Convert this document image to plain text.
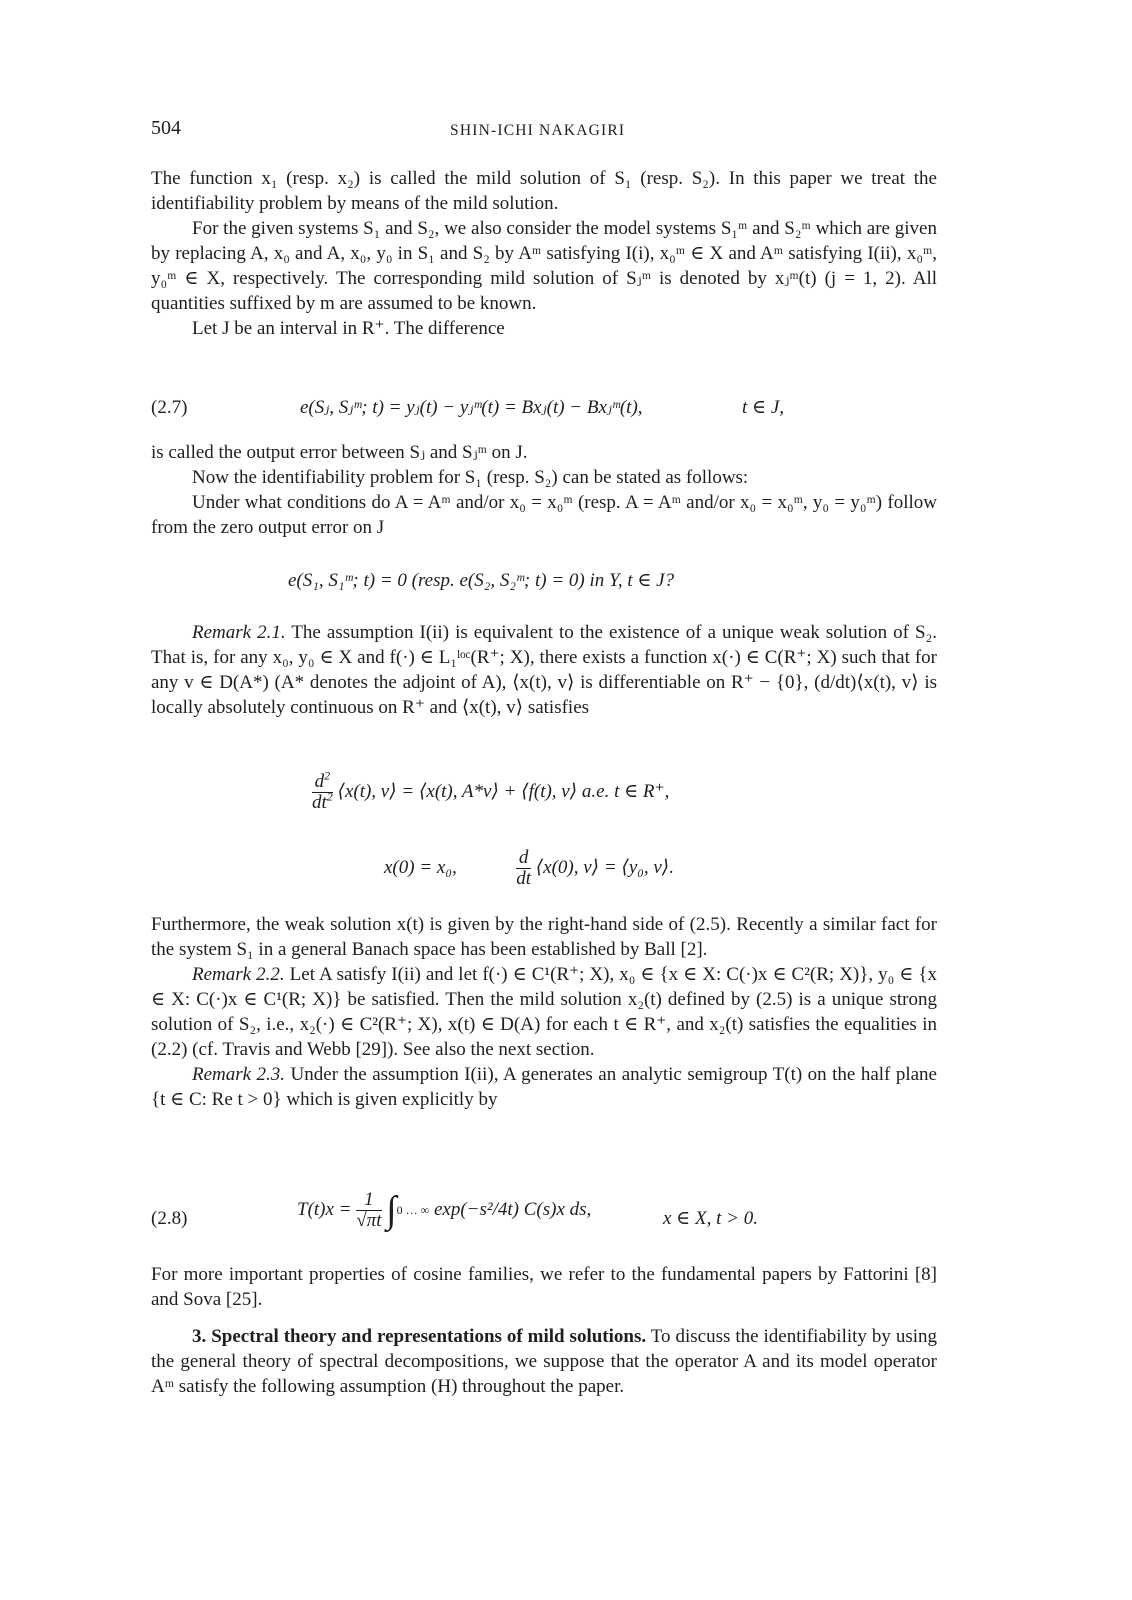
504	SHIN-ICHI NAKAGIRI

The function x₁ (resp. x₂) is called the mild solution of S₁ (resp. S₂). In this paper we treat the identifiability problem by means of the mild solution.

For the given systems S₁ and S₂, we also consider the model systems S₁ᵐ and S₂ᵐ which are given by replacing A, x₀ and A, x₀, y₀ in S₁ and S₂ by Aᵐ satisfying I(i), x₀ᵐ ∈ X and Aᵐ satisfying I(ii), x₀ᵐ, y₀ᵐ ∈ X, respectively. The corresponding mild solution of Sⱼᵐ is denoted by xⱼᵐ(t) (j = 1, 2). All quantities suffixed by m are assumed to be known.

Let J be an interval in R⁺. The difference

(2.7)	e(Sⱼ, Sⱼᵐ; t) = yⱼ(t) − yⱼᵐ(t) = Bxⱼ(t) − Bxⱼᵐ(t),	t ∈ J,

is called the output error between Sⱼ and Sⱼᵐ on J.

Now the identifiability problem for S₁ (resp. S₂) can be stated as follows:

Under what conditions do A = Aᵐ and/or x₀ = x₀ᵐ (resp. A = Aᵐ and/or x₀ = x₀ᵐ, y₀ = y₀ᵐ) follow from the zero output error on J

e(S₁, S₁ᵐ; t) = 0 (resp. e(S₂, S₂ᵐ; t) = 0) in Y, t ∈ J?

Remark 2.1. The assumption I(ii) is equivalent to the existence of a unique weak solution of S₂. That is, for any x₀, y₀ ∈ X and f(·) ∈ L₁ˡᵒᶜ(R⁺; X), there exists a function x(·) ∈ C(R⁺; X) such that for any v ∈ D(A*) (A* denotes the adjoint of A), ⟨x(t), v⟩ is differentiable on R⁺ − {0}, (d/dt)⟨x(t), v⟩ is locally absolutely continuous on R⁺ and ⟨x(t), v⟩ satisfies

$\frac{d^2}{dt^2}$ ⟨x(t), v⟩ = ⟨x(t), A*v⟩ + ⟨f(t), v⟩ a.e. t ∈ R⁺,
x(0) = x₀,	$\frac{d}{dt}$ ⟨x(0), v⟩ = ⟨y₀, v⟩.

Furthermore, the weak solution x(t) is given by the right-hand side of (2.5). Recently a similar fact for the system S₁ in a general Banach space has been established by Ball [2].

Remark 2.2. Let A satisfy I(ii) and let f(·) ∈ C¹(R⁺; X), x₀ ∈ {x ∈ X: C(·)x ∈ C²(R; X)}, y₀ ∈ {x ∈ X: C(·)x ∈ C¹(R; X)} be satisfied. Then the mild solution x₂(t) defined by (2.5) is a unique strong solution of S₂, i.e., x₂(·) ∈ C²(R⁺; X), x(t) ∈ D(A) for each t ∈ R⁺, and x₂(t) satisfies the equalities in (2.2) (cf. Travis and Webb [29]). See also the next section.

Remark 2.3. Under the assumption I(ii), A generates an analytic semigroup T(t) on the half plane {t ∈ C: Re t > 0} which is given explicitly by

(2.8)	$T(t)x = \frac{1}{√\pi t} \int 0$ … ∞ exp(−s²/4t) C(s)x ds,	x ∈ X, t > 0.

For more important properties of cosine families, we refer to the fundamental papers by Fattorini [8] and Sova [25].

3. Spectral theory and representations of mild solutions. To discuss the identifiability by using the general theory of spectral decompositions, we suppose that the operator A and its model operator Aᵐ satisfy the following assumption (H) throughout the paper.
